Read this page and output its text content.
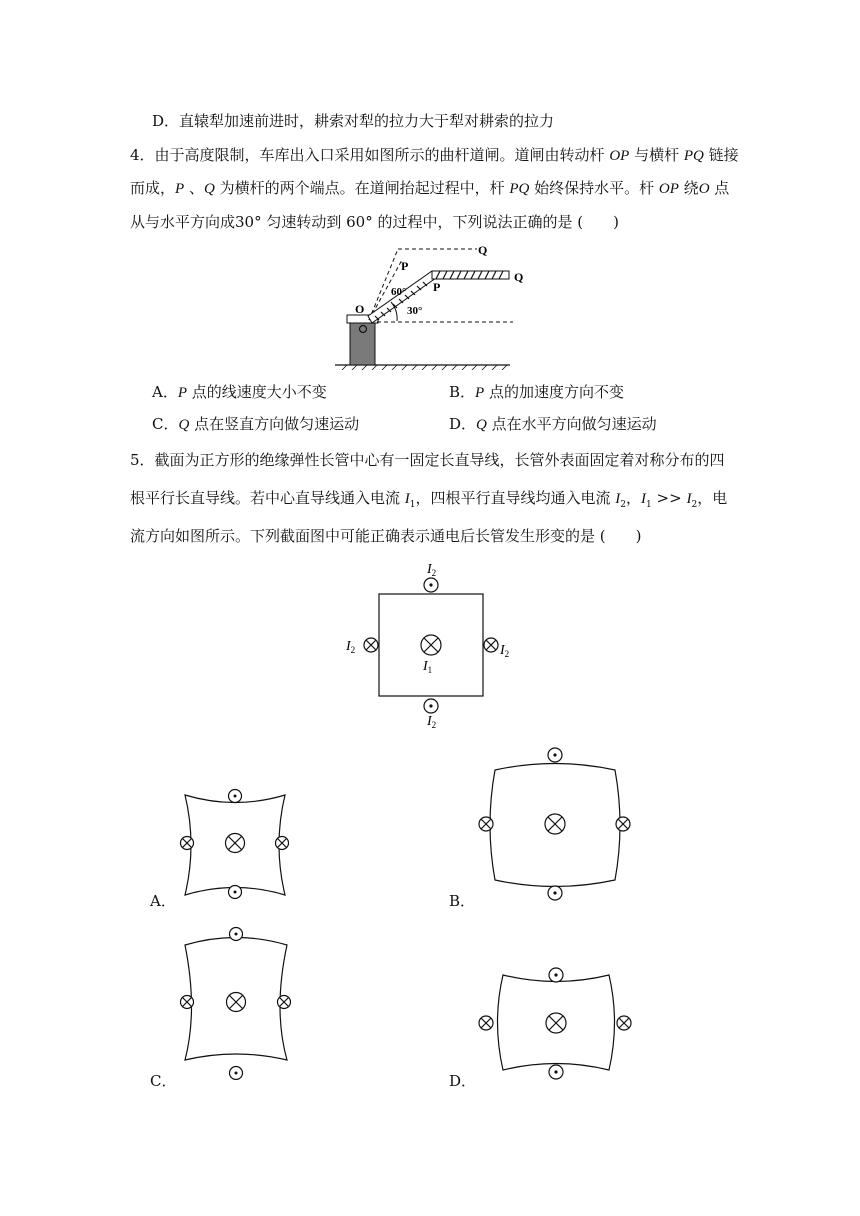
D．直辕犁加速前进时，耕索对犁的拉力大于犁对耕索的拉力
4．由于高度限制，车库出入口采用如图所示的曲杆道闸。道闸由转动杆 OP 与横杆 PQ 链接
而成，P 、Q 为横杆的两个端点。在道闸抬起过程中，杆 PQ 始终保持水平。杆 OP 绕O 点
从与水平方向成30° 匀速转动到 60° 的过程中，下列说法正确的是 (　　)
Q
P
Q
P
O
60°
30°
A．P 点的线速度大小不变	B．P 点的加速度方向不变
C．Q 点在竖直方向做匀速运动	D．Q 点在水平方向做匀速运动
5．截面为正方形的绝缘弹性长管中心有一固定长直导线，长管外表面固定着对称分布的四
根平行长直导线。若中心直导线通入电流 $I_1$，四根平行直导线均通入电流 $I_2$，$I_1 >> I_2$，电
流方向如图所示。下列截面图中可能正确表示通电后长管发生形变的是 (　　)
$I_2$
$I_2$	$I_2$
$I_1$
$I_2$
A．	B．
C．	D．
